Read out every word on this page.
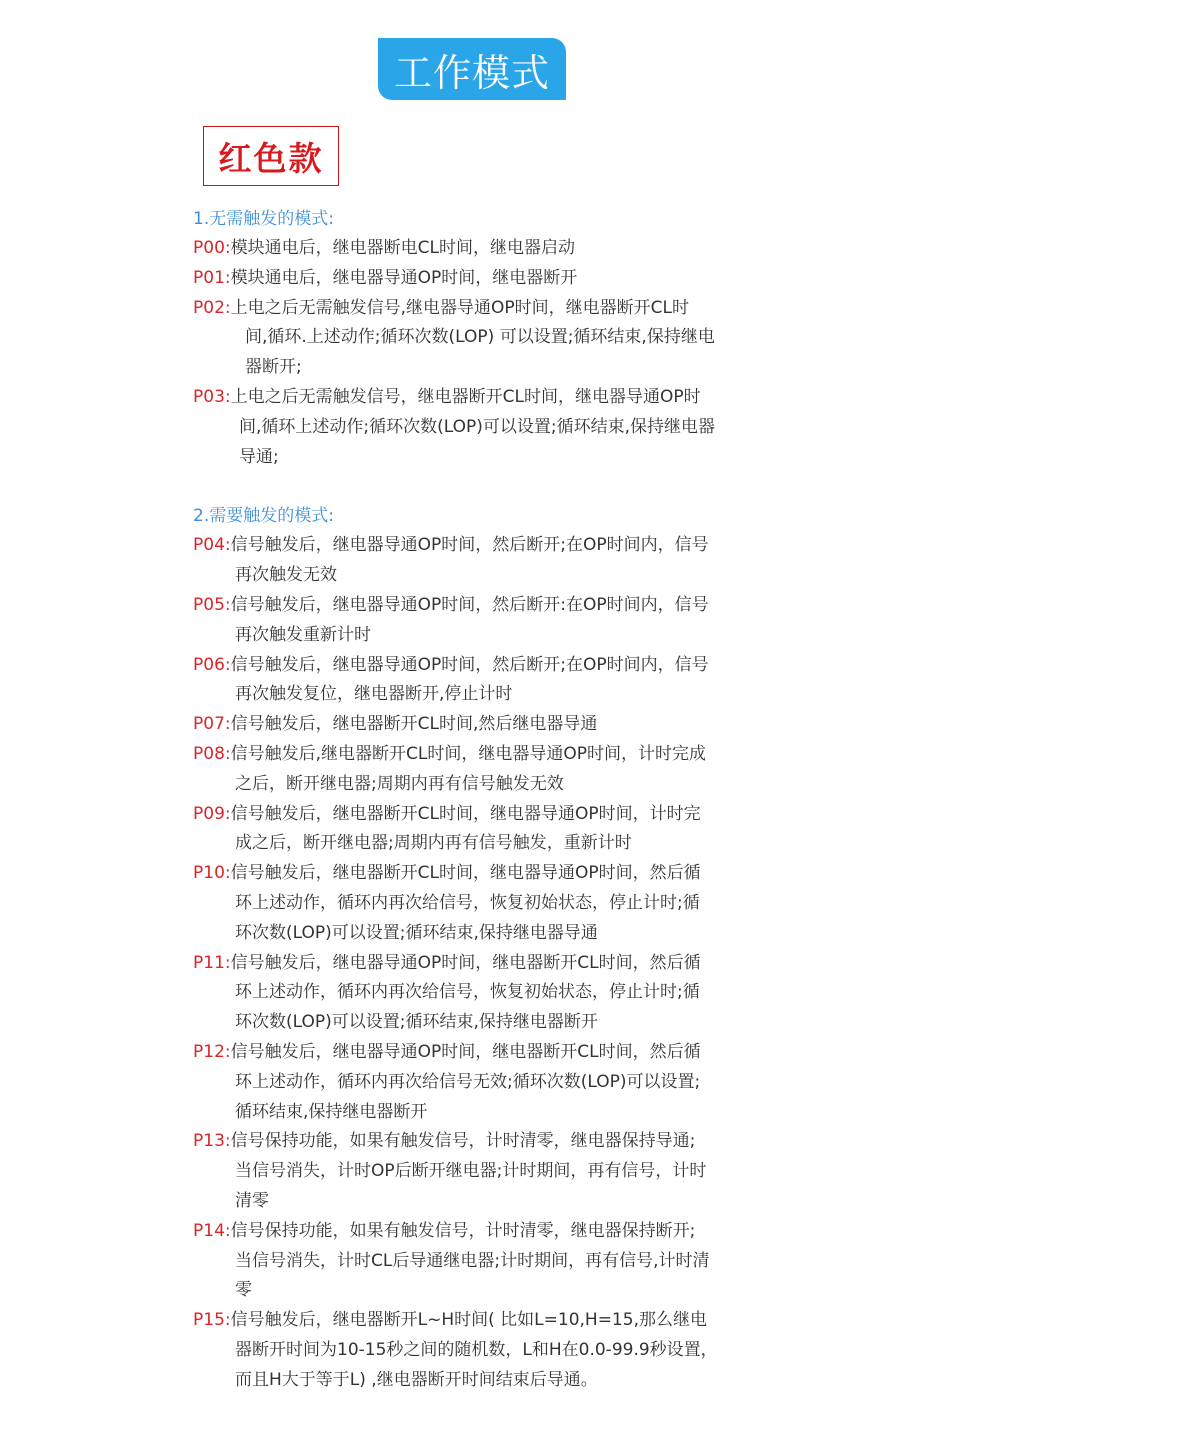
工作模式
红色款
1.无需触发的模式:
P00: 模块通电后，继电器断电CL时间，继电器启动
P01: 模块通电后，继电器导通OP时间，继电器断开
P02: 上电之后无需触发信号,继电器导通OP时间，继电器断开CL时
间,循环.上述动作;循环次数(LOP) 可以设置;循环结束,保持继电
器断开;
P03: 上电之后无需触发信号，继电器断开CL时间，继电器导通OP时
间,循环上述动作;循环次数(LOP)可以设置;循环结束,保持继电器
导通;
2.需要触发的模式:
P04: 信号触发后，继电器导通OP时间，然后断开;在OP时间内，信号
再次触发无效
P05: 信号触发后，继电器导通OP时间，然后断开:在OP时间内，信号
再次触发重新计时
P06: 信号触发后，继电器导通OP时间，然后断开;在OP时间内，信号
再次触发复位，继电器断开,停止计时
P07: 信号触发后，继电器断开CL时间,然后继电器导通
P08: 信号触发后,继电器断开CL时间，继电器导通OP时间，计时完成
之后，断开继电器;周期内再有信号触发无效
P09: 信号触发后，继电器断开CL时间，继电器导通OP时间，计时完
成之后，断开继电器;周期内再有信号触发，重新计时
P10: 信号触发后，继电器断开CL时间，继电器导通OP时间，然后循
环上述动作，循环内再次给信号，恢复初始状态，停止计时;循
环次数(LOP)可以设置;循环结束,保持继电器导通
P11: 信号触发后，继电器导通OP时间，继电器断开CL时间，然后循
环上述动作，循环内再次给信号，恢复初始状态，停止计时;循
环次数(LOP)可以设置;循环结束,保持继电器断开
P12: 信号触发后，继电器导通OP时间，继电器断开CL时间，然后循
环上述动作，循环内再次给信号无效;循环次数(LOP)可以设置;
循环结束,保持继电器断开
P13: 信号保持功能，如果有触发信号，计时清零，继电器保持导通;
当信号消失，计时OP后断开继电器;计时期间，再有信号，计时
清零
P14: 信号保持功能，如果有触发信号，计时清零，继电器保持断开;
当信号消失，计时CL后导通继电器;计时期间，再有信号,计时清
零
P15: 信号触发后，继电器断开L~H时间( 比如L=10,H=15,那么继电
器断开时间为10-15秒之间的随机数，L和H在0.0-99.9秒设置，
而且H大于等于L) ,继电器断开时间结束后导通。
